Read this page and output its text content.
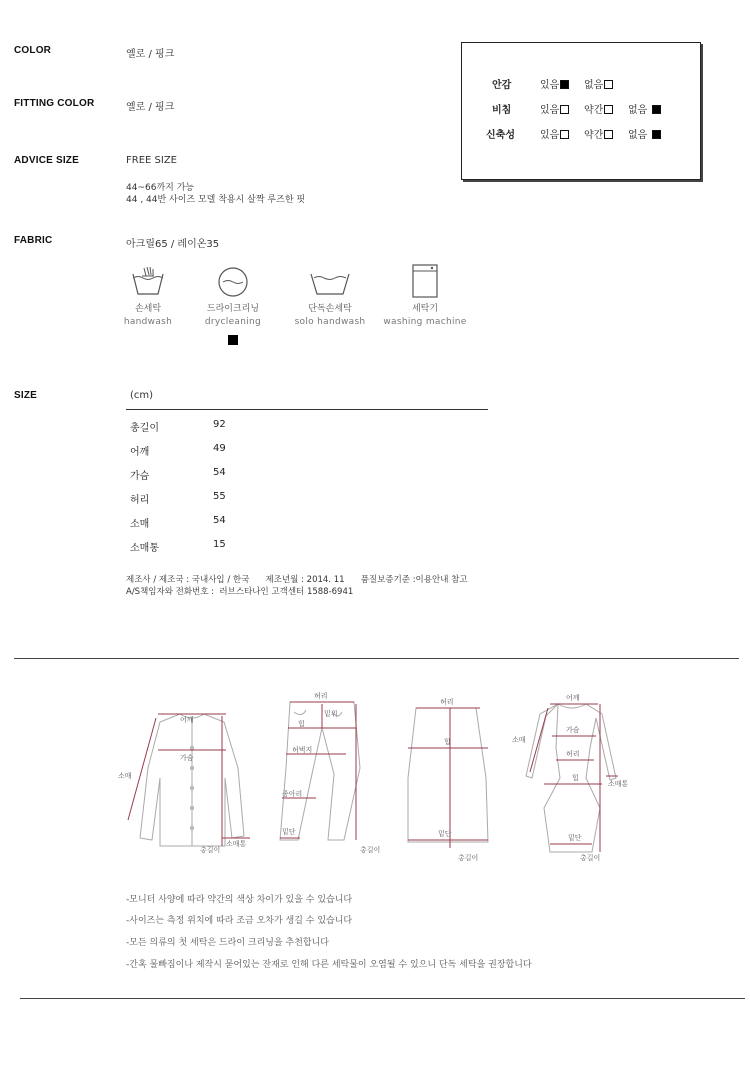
COLOR	옐로 / 핑크
FITTING COLOR	옐로 / 핑크
ADVICE SIZE	FREE SIZE
44~66까지 가능
44 , 44반 사이즈 모델 착용시 살짝 루즈한 핏
FABRIC	아크릴65 / 레이온35
안감	있음	없음
비침	있음	약간	없음
신축성	있음	약간	없음
손세탁
handwash
드라이크리닝
drycleaning
단독손세탁
solo handwash
세탁기
washing machine
SIZE	(cm)
총길이	92
어깨	49
가슴	54
허리	55
소매	54
소매통	15
제조사 / 제조국 : 국내사입 / 한국      제조년월 : 2014. 11      품질보증기준 :이용안내 참고
A/S책임자와 전화번호 :  러브스타나인 고객센터 1588-6941
어깨
가슴
소매
소매통
총길이
허리
밑위
힙
허벅지
종아리
밑단
총길이
허리
힙
밑단
총길이
어깨
가슴
허리
힙
소매
소매통
밑단
총길이
-모니터 사양에 따라 약간의 색상 차이가 있을 수 있습니다
-사이즈는 측정 위치에 따라 조금 오차가 생길 수 있습니다
-모든 의류의 첫 세탁은 드라이 크리닝을 추천합니다
-간혹 물빠짐이나 제작시 묻어있는 잔재로 인해 다른 세탁물이 오염될 수 있으니 단독 세탁을 권장합니다
